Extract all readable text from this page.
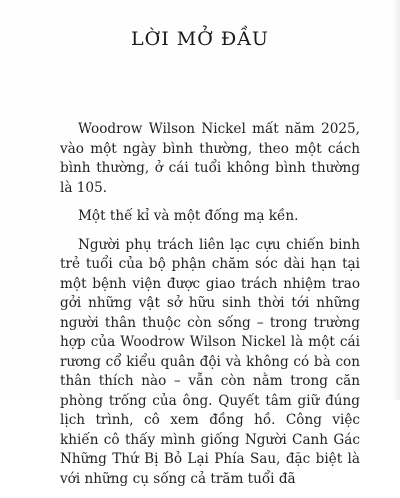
LỜI MỞ ĐẦU

Woodrow Wilson Nickel mất năm 2025, vào một ngày bình thường, theo một cách bình thường, ở cái tuổi không bình thường là 105.

Một thế kỉ và một đống mạ kền.

Người phụ trách liên lạc cựu chiến binh trẻ tuổi của bộ phận chăm sóc dài hạn tại một bệnh viện được giao trách nhiệm trao gởi những vật sở hữu sinh thời tới những người thân thuộc còn sống – trong trường hợp của Woodrow Wilson Nickel là một cái rương cổ kiểu quân đội và không có bà con thân thích nào – vẫn còn nằm trong căn phòng trống của ông. Quyết tâm giữ đúng lịch trình, cô xem đồng hồ. Công việc khiến cô thấy mình giống Người Canh Gác Những Thứ Bị Bỏ Lại Phía Sau, đặc biệt là với những cụ sống cả trăm tuổi đã
